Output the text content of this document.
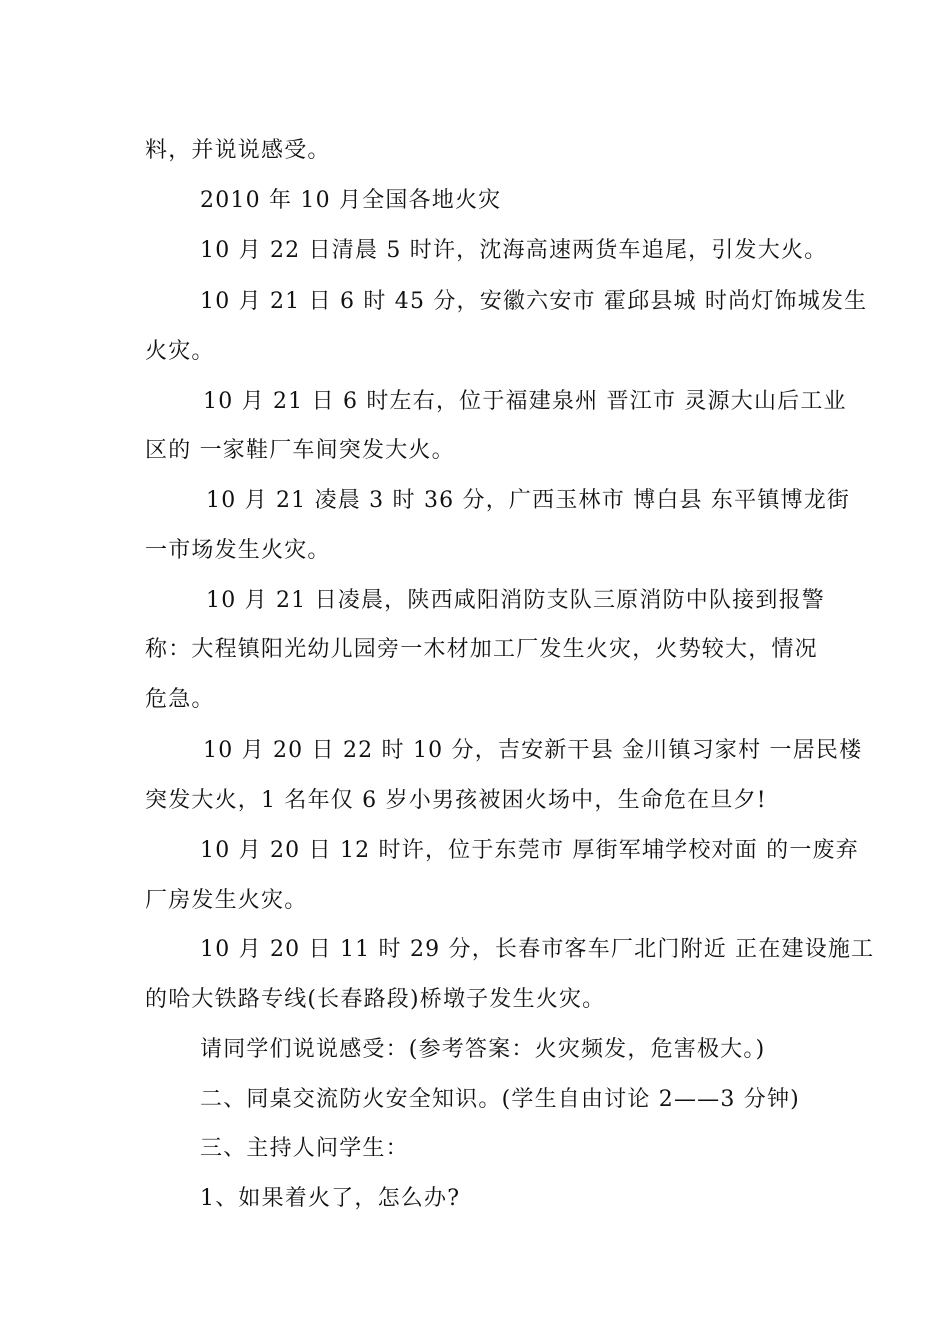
料，并说说感受。
2010 年 10 月全国各地火灾
10 月 22 日清晨 5 时许，沈海高速两货车追尾，引发大火。
10 月 21 日 6 时 45 分，安徽六安市 霍邱县城 时尚灯饰城发生
火灾。
10 月 21 日 6 时左右，位于福建泉州 晋江市 灵源大山后工业
区的 一家鞋厂车间突发大火。
10 月 21 凌晨 3 时 36 分，广西玉林市 博白县 东平镇博龙街
一市场发生火灾。
10 月 21 日凌晨，陕西咸阳消防支队三原消防中队接到报警
称：大程镇阳光幼儿园旁一木材加工厂发生火灾，火势较大，情况
危急。
10 月 20 日 22 时 10 分，吉安新干县 金川镇习家村 一居民楼
突发大火，1 名年仅 6 岁小男孩被困火场中，生命危在旦夕!
10 月 20 日 12 时许，位于东莞市 厚街军埔学校对面 的一废弃
厂房发生火灾。
10 月 20 日 11 时 29 分，长春市客车厂北门附近 正在建设施工
的哈大铁路专线(长春路段)桥墩子发生火灾。
请同学们说说感受：(参考答案：火灾频发，危害极大。)
二、同桌交流防火安全知识。(学生自由讨论 2——3 分钟)
三、主持人问学生：
1、如果着火了，怎么办?
